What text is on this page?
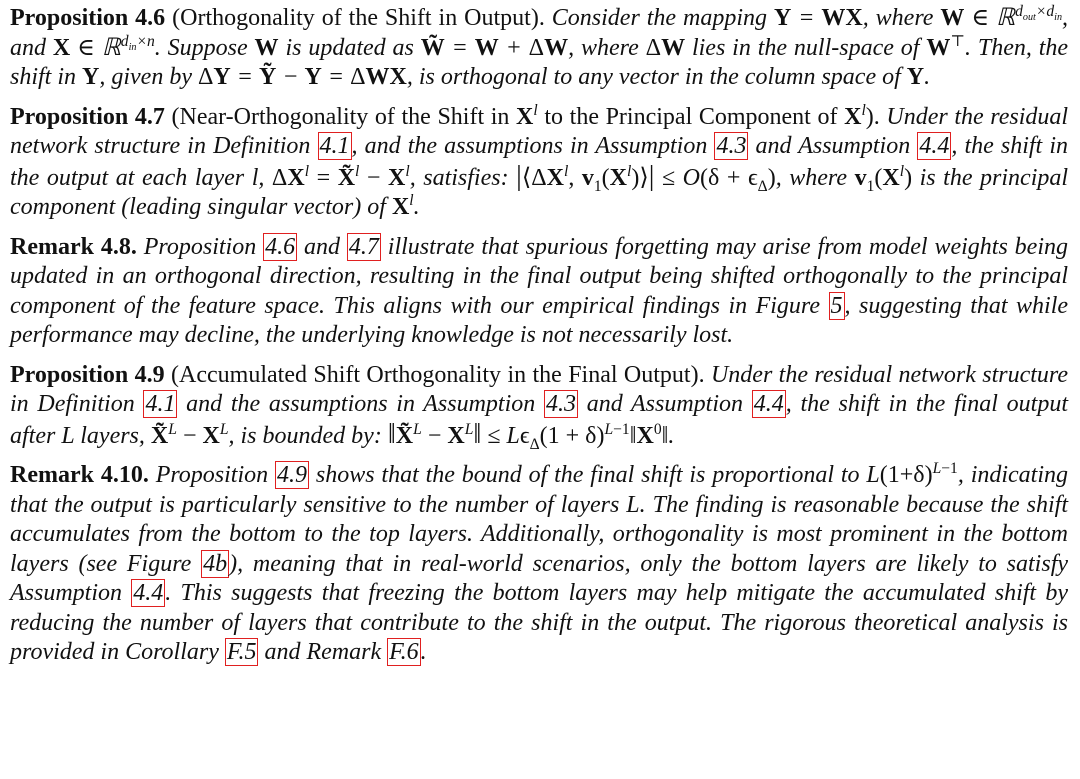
Proposition 4.6 (Orthogonality of the Shift in Output). Consider the mapping Y = WX, where W ∈ ℝ$^{d_{out}\times d_{in}}$, and X ∈ ℝ$^{d_{in}\times n}$. Suppose W is updated as W̃ = W + ΔW, where ΔW lies in the null-space of W⊤. Then, the shift in Y, given by ΔY = Ỹ − Y = ΔWX, is orthogonal to any vector in the column space of Y.

Proposition 4.7 (Near-Orthogonality of the Shift in $X^l$ to the Principal Component of $X^l$). Under the residual network structure in Definition 4.1, and the assumptions in Assumption 4.3 and Assumption 4.4, the shift in the output at each layer l, $\Delta X^l$ = X̃$^l$ − $X^l$, satisfies: $|⟨\Delta X^l$, $v_1(X^l)⟩| \le O(\delta + \epsilon_\Delta)$, where $v_1(X^l)$ is the principal component (leading singular vector) of $X^l$.

Remark 4.8. Proposition 4.6 and 4.7 illustrate that spurious forgetting may arise from model weights being updated in an orthogonal direction, resulting in the final output being shifted orthogonally to the principal component of the feature space. This aligns with our empirical findings in Figure 5, suggesting that while performance may decline, the underlying knowledge is not necessarily lost.

Proposition 4.9 (Accumulated Shift Orthogonality in the Final Output). Under the residual network structure in Definition 4.1 and the assumptions in Assumption 4.3 and Assumption 4.4, the shift in the final output after L layers, X̃$^L$ − $X^L$, is bounded by: ‖X̃$^L$ − $X^L‖ \le L\epsilon_\Delta(1$ + $\delta)^{L-1}‖X^0‖$.

Remark 4.10. Proposition 4.9 shows that the bound of the final shift is proportional to $L(1+\delta)^{L-1}$, indicating that the output is particularly sensitive to the number of layers L. The finding is reasonable because the shift accumulates from the bottom to the top layers. Additionally, orthogonality is most prominent in the bottom layers (see Figure 4b), meaning that in real-world scenarios, only the bottom layers are likely to satisfy Assumption 4.4. This suggests that freezing the bottom layers may help mitigate the accumulated shift by reducing the number of layers that contribute to the shift in the output. The rigorous theoretical analysis is provided in Corollary F.5 and Remark F.6.
